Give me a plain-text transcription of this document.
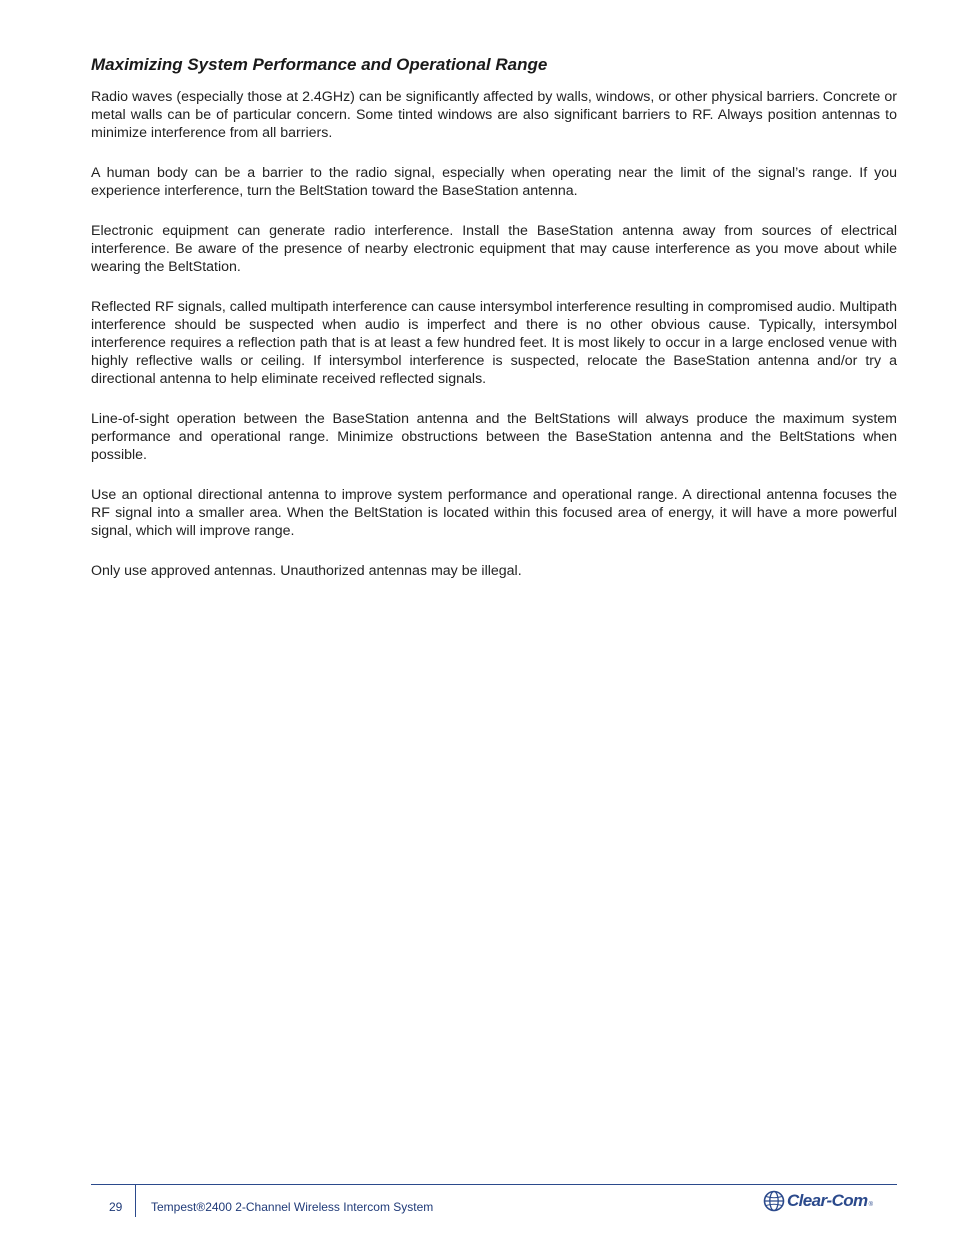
Maximizing System Performance and Operational Range

Radio waves (especially those at 2.4GHz) can be significantly affected by walls, windows, or other physical barriers. Concrete or metal walls can be of particular concern. Some tinted windows are also significant barriers to RF. Always position antennas to minimize interference from all barriers.

A human body can be a barrier to the radio signal, especially when operating near the limit of the signal’s range. If you experience interference, turn the BeltStation toward the BaseStation antenna.

Electronic equipment can generate radio interference. Install the BaseStation antenna away from sources of electrical interference. Be aware of the presence of nearby electronic equipment that may cause interference as you move about while wearing the BeltStation.

Reflected RF signals, called multipath interference can cause intersymbol interference resulting in compromised audio. Multipath interference should be suspected when audio is imperfect and there is no other obvious cause. Typically, intersymbol interference requires a reflection path that is at least a few hundred feet. It is most likely to occur in a large enclosed venue with highly reflective walls or ceiling. If intersymbol interference is suspected, relocate the BaseStation antenna and/or try a directional antenna to help eliminate received reflected signals.

Line-of-sight operation between the BaseStation antenna and the BeltStations will always produce the maximum system performance and operational range. Minimize obstructions between the BaseStation antenna and the BeltStations when possible.

Use an optional directional antenna to improve system performance and operational range. A directional antenna focuses the RF signal into a smaller area. When the BeltStation is located within this focused area of energy, it will have a more powerful signal, which will improve range.

Only use approved antennas. Unauthorized antennas may be illegal.

29 Tempest®2400 2-Channel Wireless Intercom System	Clear-Com ®
